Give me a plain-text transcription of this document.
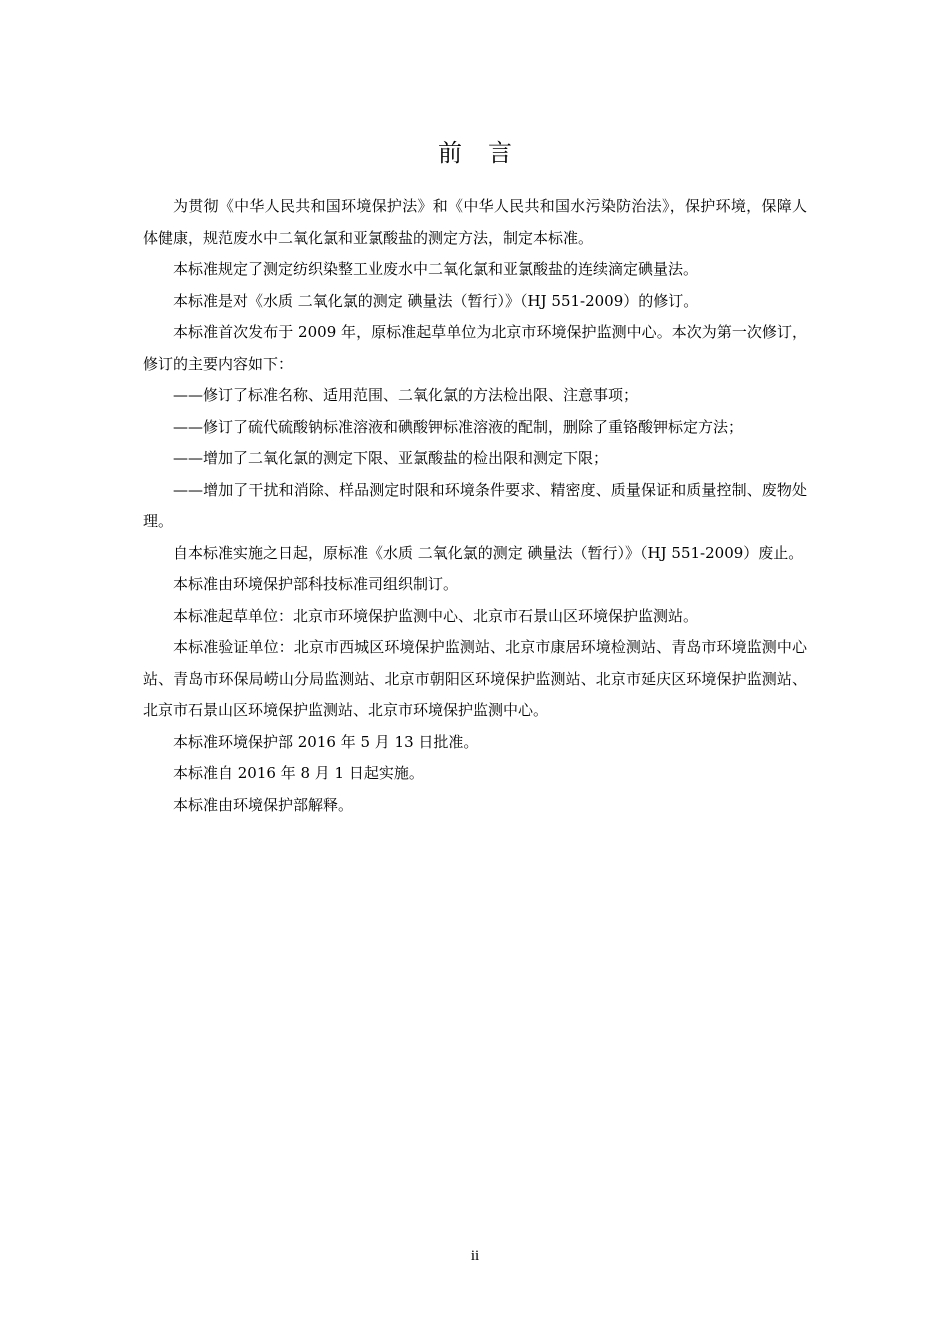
前言

为贯彻《中华人民共和国环境保护法》和《中华人民共和国水污染防治法》，保护环境，保障人体健康，规范废水中二氧化氯和亚氯酸盐的测定方法，制定本标准。

本标准规定了测定纺织染整工业废水中二氧化氯和亚氯酸盐的连续滴定碘量法。

本标准是对《水质 二氧化氯的测定 碘量法（暂行）》（HJ 551-2009）的修订。

本标准首次发布于 2009 年，原标准起草单位为北京市环境保护监测中心。本次为第一次修订，修订的主要内容如下：

——修订了标准名称、适用范围、二氧化氯的方法检出限、注意事项；

——修订了硫代硫酸钠标准溶液和碘酸钾标准溶液的配制，删除了重铬酸钾标定方法；

——增加了二氧化氯的测定下限、亚氯酸盐的检出限和测定下限；

——增加了干扰和消除、样品测定时限和环境条件要求、精密度、质量保证和质量控制、废物处理。

自本标准实施之日起，原标准《水质 二氧化氯的测定 碘量法（暂行）》（HJ 551-2009）废止。

本标准由环境保护部科技标准司组织制订。

本标准起草单位：北京市环境保护监测中心、北京市石景山区环境保护监测站。

本标准验证单位：北京市西城区环境保护监测站、北京市康居环境检测站、青岛市环境监测中心站、青岛市环保局崂山分局监测站、北京市朝阳区环境保护监测站、北京市延庆区环境保护监测站、北京市石景山区环境保护监测站、北京市环境保护监测中心。

本标准环境保护部 2016 年 5 月 13 日批准。

本标准自 2016 年 8 月 1 日起实施。

本标准由环境保护部解释。

ii
